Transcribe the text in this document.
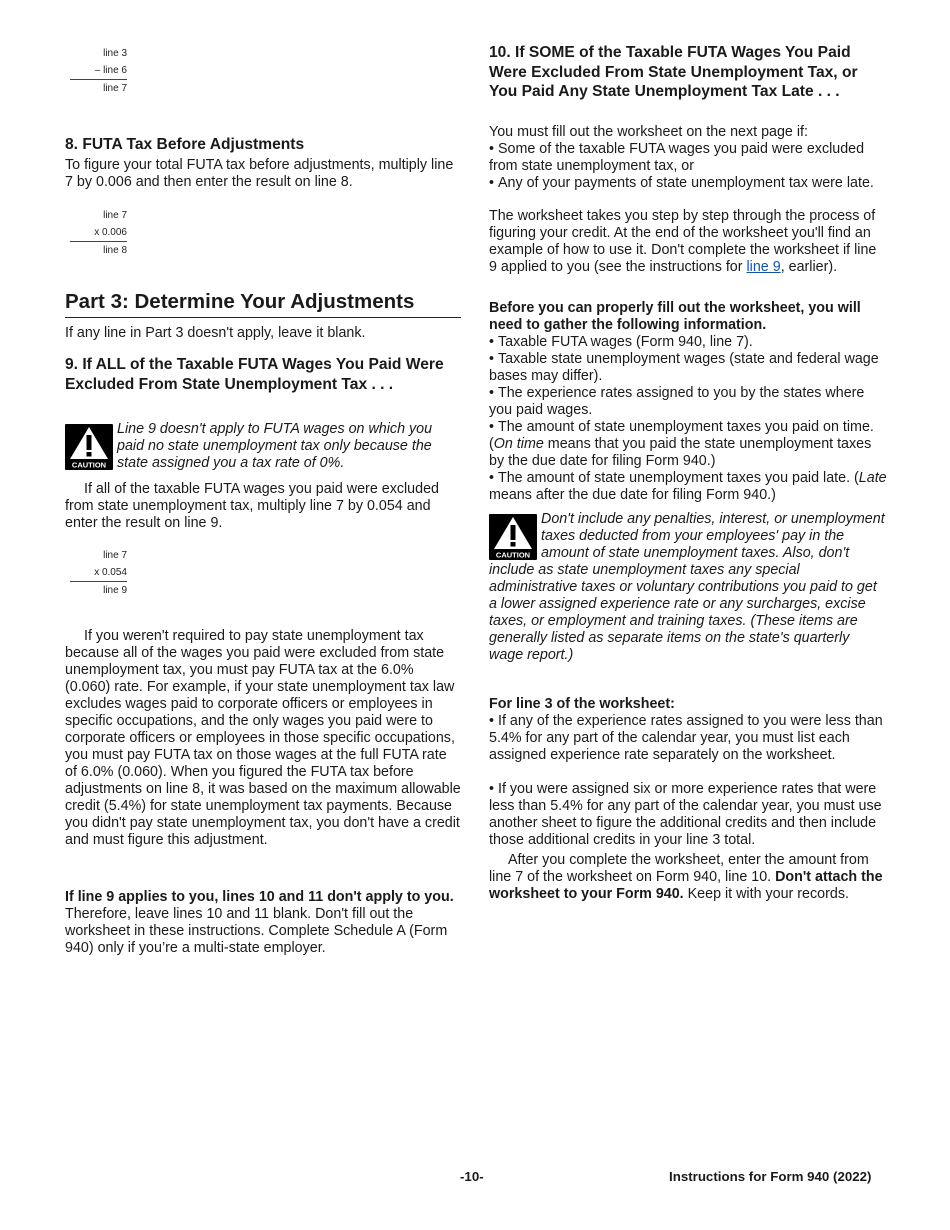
line 3
– line 6
line 7
8. FUTA Tax Before Adjustments

To figure your total FUTA tax before adjustments, multiply line 7 by 0.006 and then enter the result on line 8.

line 7
x 0.006
line 8
Part 3: Determine Your Adjustments

If any line in Part 3 doesn't apply, leave it blank.

9. If ALL of the Taxable FUTA Wages You Paid Were Excluded From State Unemployment Tax . . .
CAUTION

Line 9 doesn't apply to FUTA wages on which you paid no state unemployment tax only because the state assigned you a tax rate of 0%.

If all of the taxable FUTA wages you paid were excluded from state unemployment tax, multiply line 7 by 0.054 and enter the result on line 9.

line 7
x 0.054
line 9

If you weren't required to pay state unemployment tax because all of the wages you paid were excluded from state unemployment tax, you must pay FUTA tax at the 6.0% (0.060) rate. For example, if your state unemployment tax law excludes wages paid to corporate officers or employees in specific occupations, and the only wages you paid were to corporate officers or employees in those specific occupations, you must pay FUTA tax on those wages at the full FUTA rate of 6.0% (0.060). When you figured the FUTA tax before adjustments on line 8, it was based on the maximum allowable credit (5.4%) for state unemployment tax payments. Because you didn't pay state unemployment tax, you don't have a credit and must figure this adjustment.

If line 9 applies to you, lines 10 and 11 don't apply to you. Therefore, leave lines 10 and 11 blank. Don't fill out the worksheet in these instructions. Complete Schedule A (Form 940) only if you’re a multi-state employer.

10. If SOME of the Taxable FUTA Wages You Paid Were Excluded From State Unemployment Tax, or You Paid Any State Unemployment Tax Late . . .

You must fill out the worksheet on the next page if:

• Some of the taxable FUTA wages you paid were excluded from state unemployment tax, or

• Any of your payments of state unemployment tax were late.

The worksheet takes you step by step through the process of figuring your credit. At the end of the worksheet you'll find an example of how to use it. Don't complete the worksheet if line 9 applied to you (see the instructions for line 9, earlier).

Before you can properly fill out the worksheet, you will need to gather the following information.

• Taxable FUTA wages (Form 940, line 7).

• Taxable state unemployment wages (state and federal wage bases may differ).

• The experience rates assigned to you by the states where you paid wages.

• The amount of state unemployment taxes you paid on time. (On time means that you paid the state unemployment taxes by the due date for filing Form 940.)

• The amount of state unemployment taxes you paid late. (Late means after the due date for filing Form 940.)

CAUTION

Don't include any penalties, interest, or unemployment taxes deducted from your employees' pay in the amount of state unemployment taxes. Also, don't include as state unemployment taxes any special administrative taxes or voluntary contributions you paid to get a lower assigned experience rate or any surcharges, excise taxes, or employment and training taxes. (These items are generally listed as separate items on the state's quarterly wage report.)

For line 3 of the worksheet:

• If any of the experience rates assigned to you were less than 5.4% for any part of the calendar year, you must list each assigned experience rate separately on the worksheet.

• If you were assigned six or more experience rates that were less than 5.4% for any part of the calendar year, you must use another sheet to figure the additional credits and then include those additional credits in your line 3 total.

After you complete the worksheet, enter the amount from line 7 of the worksheet on Form 940, line 10. Don't attach the worksheet to your Form 940. Keep it with your records.

-10-	Instructions for Form 940 (2022)
